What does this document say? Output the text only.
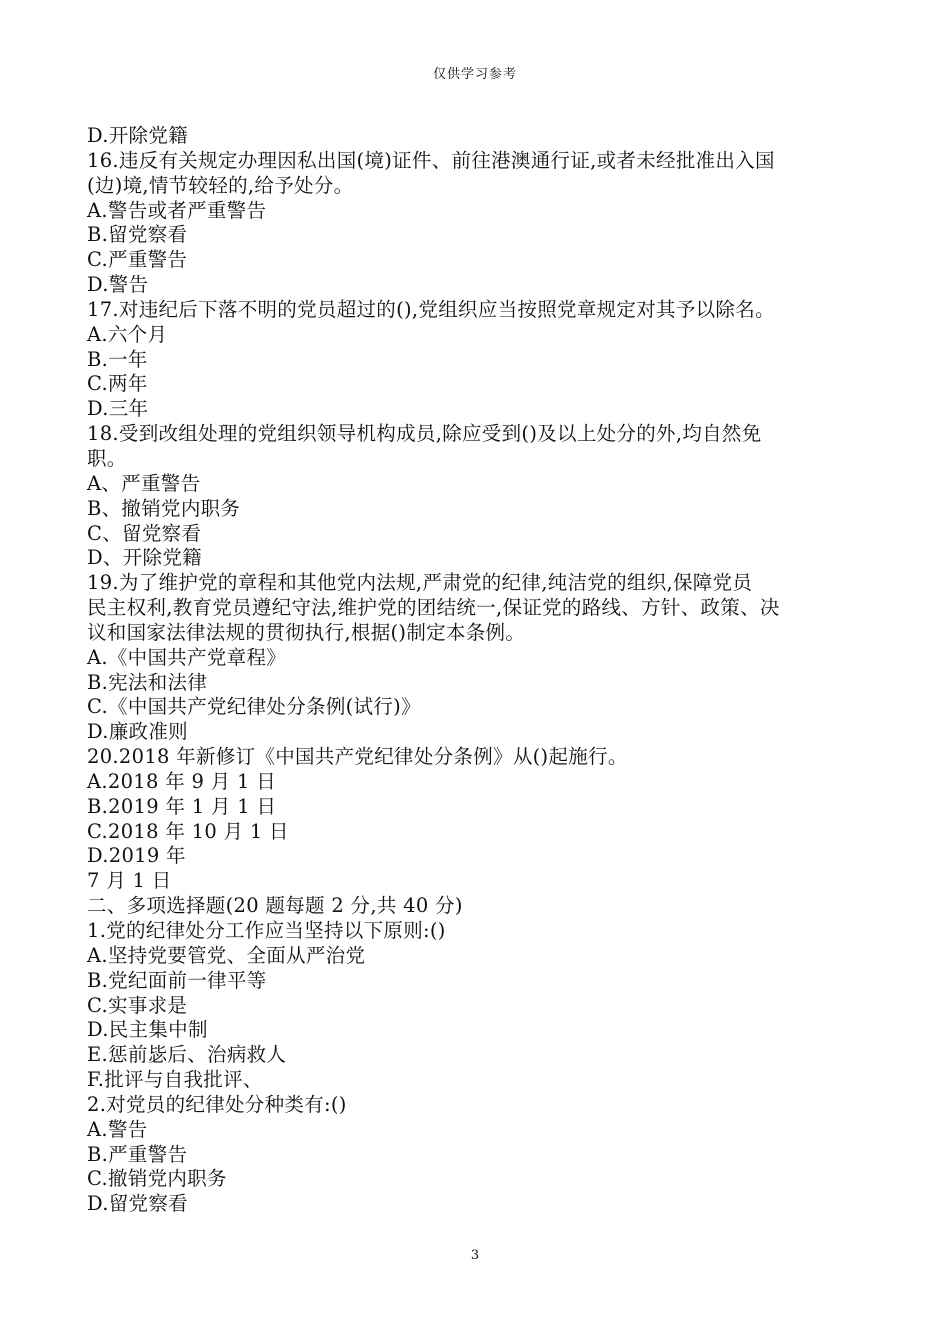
仅供学习参考
D.开除党籍
16.违反有关规定办理因私出国(境)证件、前往港澳通行证,或者未经批准出入国
(边)境,情节较轻的,给予处分。
A.警告或者严重警告
B.留党察看
C.严重警告
D.警告
17.对违纪后下落不明的党员超过的(),党组织应当按照党章规定对其予以除名。
A.六个月
B.一年
C.两年
D.三年
18.受到改组处理的党组织领导机构成员,除应受到()及以上处分的外,均自然免
职。
A、严重警告
B、撤销党内职务
C、留党察看
D、开除党籍
19.为了维护党的章程和其他党内法规,严肃党的纪律,纯洁党的组织,保障党员
民主权利,教育党员遵纪守法,维护党的团结统一,保证党的路线、方针、政策、决
议和国家法律法规的贯彻执行,根据()制定本条例。
A.《中国共产党章程》
B.宪法和法律
C.《中国共产党纪律处分条例(试行)》
D.廉政准则
20.2018 年新修订《中国共产党纪律处分条例》从()起施行。
A.2018 年 9 月 1 日
B.2019 年 1 月 1 日
C.2018 年 10 月 1 日
D.2019 年
7 月 1 日
二、多项选择题(20 题每题 2 分,共 40 分)
1.党的纪律处分工作应当坚持以下原则:()
A.坚持党要管党、全面从严治党
B.党纪面前一律平等
C.实事求是
D.民主集中制
E.惩前毖后、治病救人
F.批评与自我批评、
2.对党员的纪律处分种类有:()
A.警告
B.严重警告
C.撤销党内职务
D.留党察看
3
